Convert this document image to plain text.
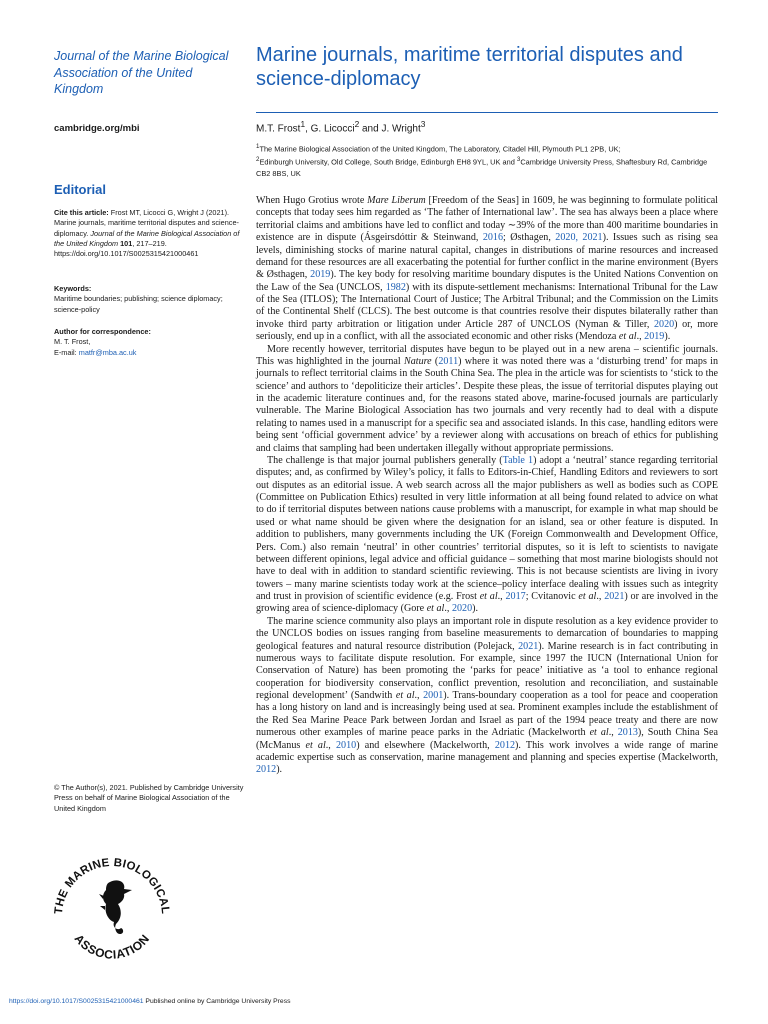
Journal of the Marine Biological Association of the United Kingdom
cambridge.org/mbi
Editorial
Cite this article: Frost MT, Licocci G, Wright J (2021). Marine journals, maritime territorial disputes and science-diplomacy. Journal of the Marine Biological Association of the United Kingdom 101, 217–219. https://doi.org/10.1017/S0025315421000461
Keywords:
Maritime boundaries; publishing; science diplomacy; science-policy
Author for correspondence:
M. T. Frost,
E-mail: matfr@mba.ac.uk
© The Author(s), 2021. Published by Cambridge University Press on behalf of Marine Biological Association of the United Kingdom
THE MARINE BIOLOGICAL
ASSOCIATION
Marine journals, maritime territorial disputes and science-diplomacy
M.T. Frost$^1$, G. Licocci$^2$ and J. Wright$^3$
$^1$The Marine Biological Association of the United Kingdom, The Laboratory, Citadel Hill, Plymouth PL1 2PB, UK;
$^2$Edinburgh University, Old College, South Bridge, Edinburgh EH8 9YL, UK and $^3$Cambridge University Press, Shaftesbury Rd, Cambridge CB2 8BS, UK

When Hugo Grotius wrote Mare Liberum [Freedom of the Seas] in 1609, he was beginning to formulate political concepts that today sees him regarded as ‘The father of International law’. The sea has always been a place where territorial claims and ambitions have led to conflict and today ∼39% of the more than 400 maritime boundaries in existence are in dispute (Ásgeirsdóttir & Steinwand, 2016; Østhagen, 2020, 2021). Issues such as rising sea levels, diminishing stocks of marine natural capital, changes in distributions of marine resources and increased demand for these resources are all exacerbating the potential for further conflict in the marine environment (Byers & Østhagen, 2019). The key body for resolving maritime boundary disputes is the United Nations Convention on the Law of the Sea (UNCLOS, 1982) with its dispute-settlement mechanisms: International Tribunal for the Law of the Sea (ITLOS); The International Court of Justice; The Arbitral Tribunal; and the Commission on the Limits of the Continental Shelf (CLCS). The best outcome is that countries resolve their disputes bilaterally rather than invoke third party arbitration or litigation under Article 287 of UNCLOS (Nyman & Tiller, 2020) or, more seriously, end up in a conflict, with all the associated economic and other risks (Mendoza et al., 2019).

More recently however, territorial disputes have begun to be played out in a new arena – scientific journals. This was highlighted in the journal Nature (2011) where it was noted there was a ‘disturbing trend’ for maps in journals to reflect territorial claims in the South China Sea. The plea in the article was for scientists to ‘stick to the science’ and authors to ‘depoliticize their articles’. Despite these pleas, the issue of territorial disputes playing out in the academic literature continues and, for the reasons stated above, marine-focused journals are particularly vulnerable. The Marine Biological Association has two journals and very recently had to deal with a dispute relating to names used in a manuscript for a specific sea and associated islands. In this case, handling editors were being sent ‘official government advice’ by a reviewer along with accusations on breach of ethics for publishing and claims that sampling had been undertaken illegally without appropriate permissions.

The challenge is that major journal publishers generally (Table 1) adopt a ‘neutral’ stance regarding territorial disputes; and, as confirmed by Wiley’s policy, it falls to Editors-in-Chief, Handling Editors and reviewers to sort out disputes as an editorial issue. A web search across all the major publishers as well as bodies such as COPE (Committee on Publication Ethics) resulted in very little information at all being found related to advice on what to do if territorial disputes between nations cause problems with a manuscript, for example in what map should be used or what name should be given where the designation for an island, sea or other feature is disputed. In addition to publishers, many governments including the UK (Foreign Commonwealth and Development Office, Pers. Com.) also remain ‘neutral’ in other countries’ territorial disputes, so it is left to scientists to navigate between different opinions, legal advice and official guidance – something that most marine biologists should not have to deal with in addition to standard scientific reviewing. This is not because scientists are living in ivory towers – many marine scientists today work at the science–policy interface dealing with issues such as integrity and trust in provision of scientific evidence (e.g. Frost et al., 2017; Cvitanovic et al., 2021) or are involved in the growing area of science-diplomacy (Gore et al., 2020).

The marine science community also plays an important role in dispute resolution as a key evidence provider to the UNCLOS bodies on issues ranging from baseline measurements to demarcation of boundaries to mapping geological features and natural resource distribution (Polejack, 2021). Marine research is in fact contributing in numerous ways to facilitate dispute resolution. For example, since 1997 the IUCN (International Union for Conservation of Nature) has been promoting the ‘parks for peace’ initiative as ‘a tool to enhance regional cooperation for biodiversity conservation, conflict prevention, resolution and reconciliation, and sustainable regional development’ (Sandwith et al., 2001). Trans-boundary cooperation as a tool for peace and cooperation has a long history on land and is increasingly being used at sea. Prominent examples include the establishment of the Red Sea Marine Peace Park between Jordan and Israel as part of the 1994 peace treaty and there are now numerous other examples of marine peace parks in the Adriatic (Mackelworth et al., 2013), South China Sea (McManus et al., 2010) and elsewhere (Mackelworth, 2012). This work involves a wide range of marine academic expertise such as conservation, marine management and planning and species expertise (Mackelworth, 2012).

https://doi.org/10.1017/S0025315421000461 Published online by Cambridge University Press
